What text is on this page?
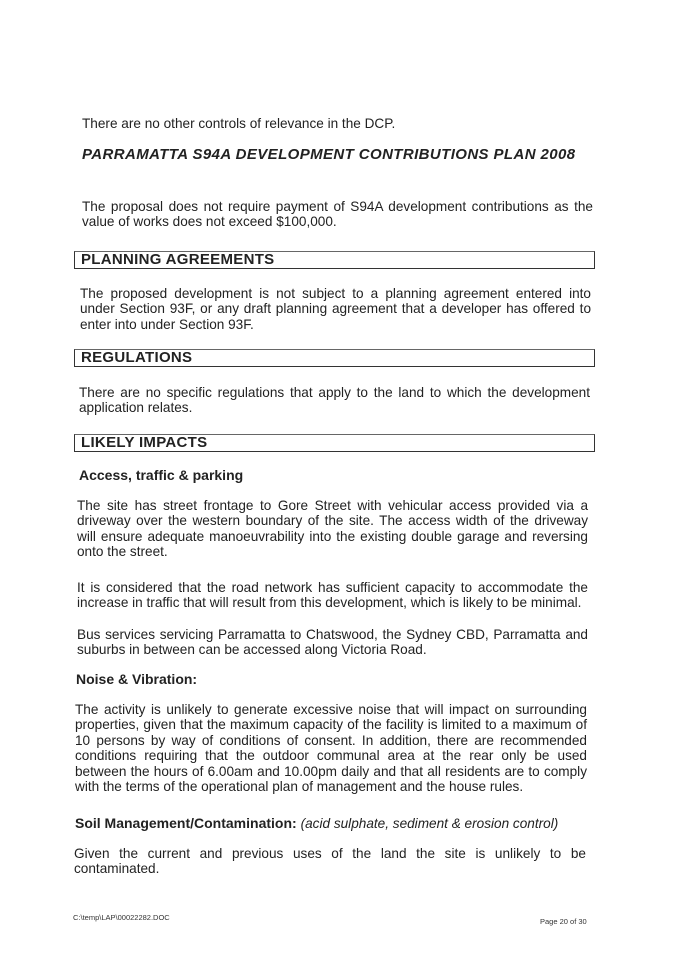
There are no other controls of relevance in the DCP.

PARRAMATTA S94A DEVELOPMENT CONTRIBUTIONS PLAN 2008

The proposal does not require payment of S94A development contributions as the value of works does not exceed $100,000.

PLANNING AGREEMENTS

The proposed development is not subject to a planning agreement entered into under Section 93F, or any draft planning agreement that a developer has offered to enter into under Section 93F.

REGULATIONS

There are no specific regulations that apply to the land to which the development application relates.

LIKELY IMPACTS

Access, traffic & parking

The site has street frontage to Gore Street with vehicular access provided via a driveway over the western boundary of the site. The access width of the driveway will ensure adequate manoeuvrability into the existing double garage and reversing onto the street.

It is considered that the road network has sufficient capacity to accommodate the increase in traffic that will result from this development, which is likely to be minimal.

Bus services servicing Parramatta to Chatswood, the Sydney CBD, Parramatta and suburbs in between can be accessed along Victoria Road.

Noise & Vibration:

The activity is unlikely to generate excessive noise that will impact on surrounding properties, given that the maximum capacity of the facility is limited to a maximum of 10 persons by way of conditions of consent. In addition, there are recommended conditions requiring that the outdoor communal area at the rear only be used between the hours of 6.00am and 10.00pm daily and that all residents are to comply with the terms of the operational plan of management and the house rules.

Soil Management/Contamination: (acid sulphate, sediment & erosion control)

Given the current and previous uses of the land the site is unlikely to be contaminated.

C:\temp\LAP\00022282.DOC	Page 20 of 30
